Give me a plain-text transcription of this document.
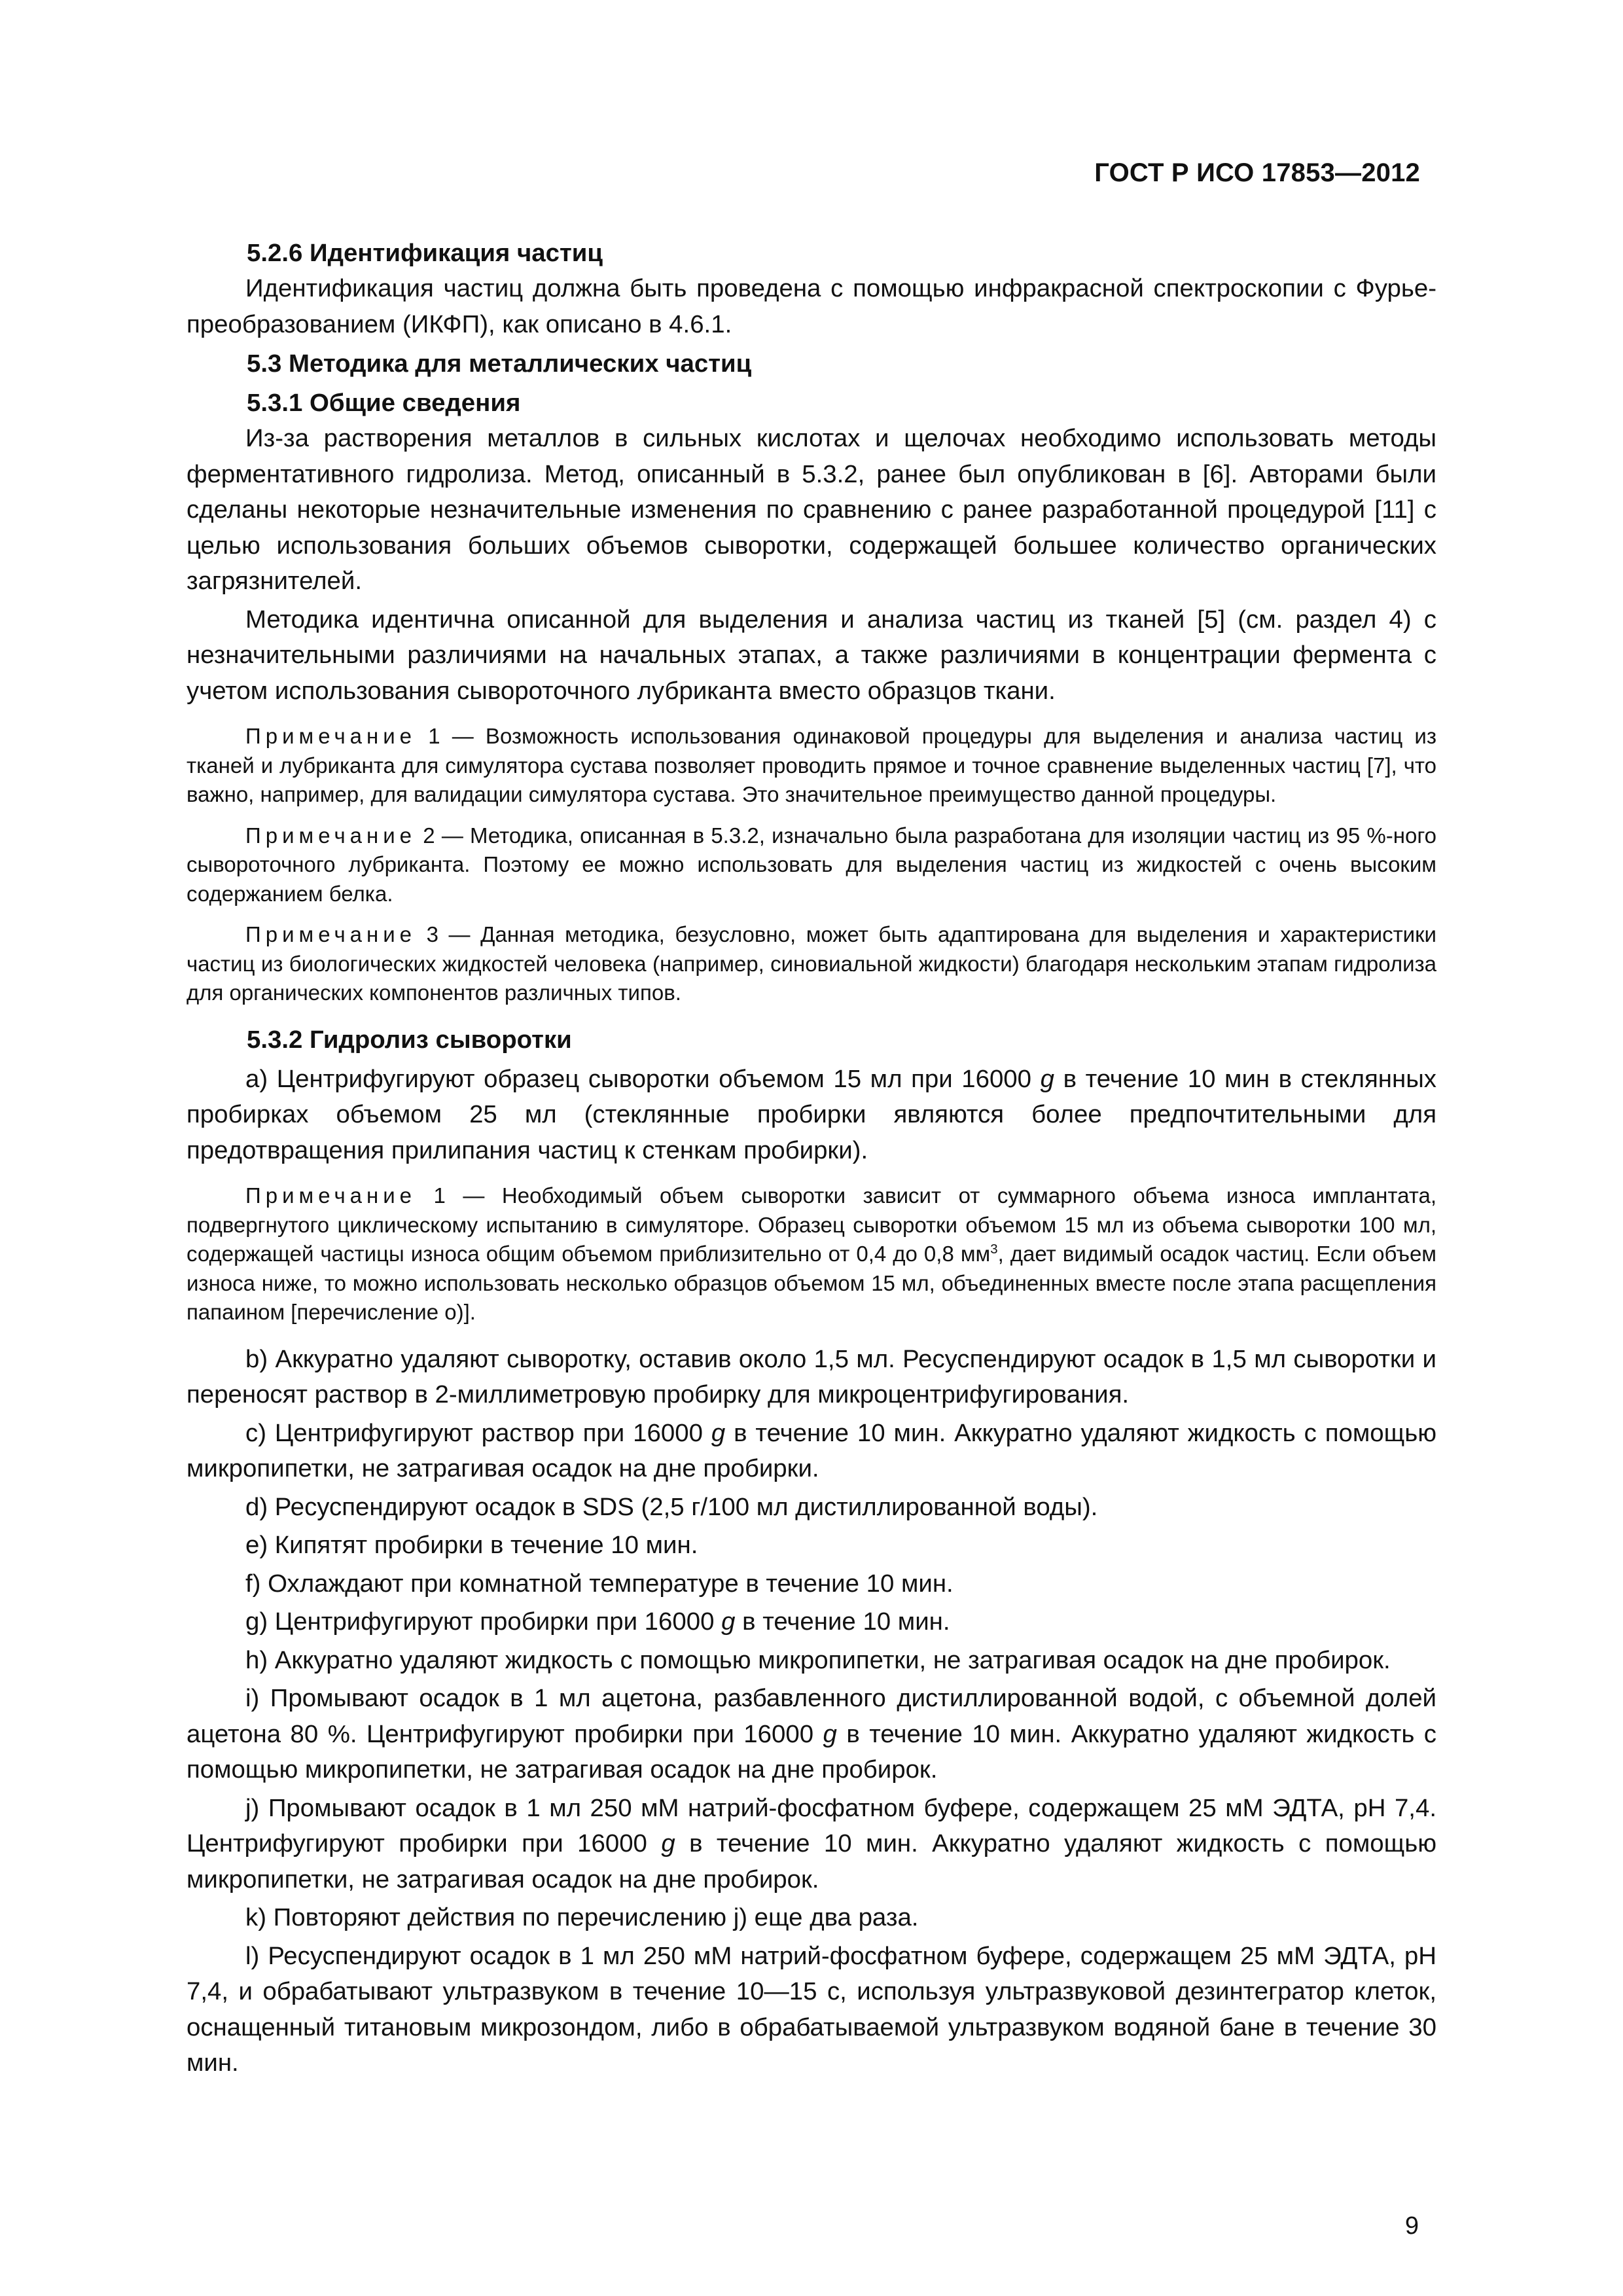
ГОСТ Р ИСО 17853—2012
5.2.6 Идентификация частиц

Идентификация частиц должна быть проведена с помощью инфракрасной спектроскопии с Фурье-преобразованием (ИКФП), как описано в 4.6.1.

5.3 Методика для металлических частиц
5.3.1 Общие сведения

Из-за растворения металлов в сильных кислотах и щелочах необходимо использовать методы ферментативного гидролиза. Метод, описанный в 5.3.2, ранее был опубликован в [6]. Авторами были сделаны некоторые незначительные изменения по сравнению с ранее разработанной процедурой [11] с целью использования больших объемов сыворотки, содержащей большее количество органических загрязнителей.

Методика идентична описанной для выделения и анализа частиц из тканей [5] (см. раздел 4) с незначительными различиями на начальных этапах, а также различиями в концентрации фермента с учетом использования сывороточного лубриканта вместо образцов ткани.

Примечание 1 — Возможность использования одинаковой процедуры для выделения и анализа частиц из тканей и лубриканта для симулятора сустава позволяет проводить прямое и точное сравнение выделенных частиц [7], что важно, например, для валидации симулятора сустава. Это значительное преимущество данной процедуры.

Примечание 2 — Методика, описанная в 5.3.2, изначально была разработана для изоляции частиц из 95 %-ного сывороточного лубриканта. Поэтому ее можно использовать для выделения частиц из жидкостей с очень высоким содержанием белка.

Примечание 3 — Данная методика, безусловно, может быть адаптирована для выделения и характеристики частиц из биологических жидкостей человека (например, синовиальной жидкости) благодаря нескольким этапам гидролиза для органических компонентов различных типов.

5.3.2 Гидролиз сыворотки

a) Центрифугируют образец сыворотки объемом 15 мл при 16000 g в течение 10 мин в стеклянных пробирках объемом 25 мл (стеклянные пробирки являются более предпочтительными для предотвращения прилипания частиц к стенкам пробирки).

Примечание 1 — Необходимый объем сыворотки зависит от суммарного объема износа имплантата, подвергнутого циклическому испытанию в симуляторе. Образец сыворотки объемом 15 мл из объема сыворотки 100 мл, содержащей частицы износа общим объемом приблизительно от 0,4 до 0,8 $мм^3$, дает видимый осадок частиц. Если объем износа ниже, то можно использовать несколько образцов объемом 15 мл, объединенных вместе после этапа расщепления папаином [перечисление о)].

b) Аккуратно удаляют сыворотку, оставив около 1,5 мл. Ресуспендируют осадок в 1,5 мл сыворотки и переносят раствор в 2-миллиметровую пробирку для микроцентрифугирования.

c) Центрифугируют раствор при 16000 g в течение 10 мин. Аккуратно удаляют жидкость с помощью микропипетки, не затрагивая осадок на дне пробирки.

d) Ресуспендируют осадок в SDS (2,5 г/100 мл дистиллированной воды).

e) Кипятят пробирки в течение 10 мин.

f) Охлаждают при комнатной температуре в течение 10 мин.

g) Центрифугируют пробирки при 16000 g в течение 10 мин.

h) Аккуратно удаляют жидкость с помощью микропипетки, не затрагивая осадок на дне пробирок.

i) Промывают осадок в 1 мл ацетона, разбавленного дистиллированной водой, с объемной долей ацетона 80 %. Центрифугируют пробирки при 16000 g в течение 10 мин. Аккуратно удаляют жидкость с помощью микропипетки, не затрагивая осадок на дне пробирок.

j) Промывают осадок в 1 мл 250 мМ натрий-фосфатном буфере, содержащем 25 мМ ЭДТА, pH 7,4. Центрифугируют пробирки при 16000 g в течение 10 мин. Аккуратно удаляют жидкость с помощью микропипетки, не затрагивая осадок на дне пробирок.

k) Повторяют действия по перечислению j) еще два раза.

l) Ресуспендируют осадок в 1 мл 250 мМ натрий-фосфатном буфере, содержащем 25 мМ ЭДТА, pH 7,4, и обрабатывают ультразвуком в течение 10—15 с, используя ультразвуковой дезинтегратор клеток, оснащенный титановым микрозондом, либо в обрабатываемой ультразвуком водяной бане в течение 30 мин.

9
